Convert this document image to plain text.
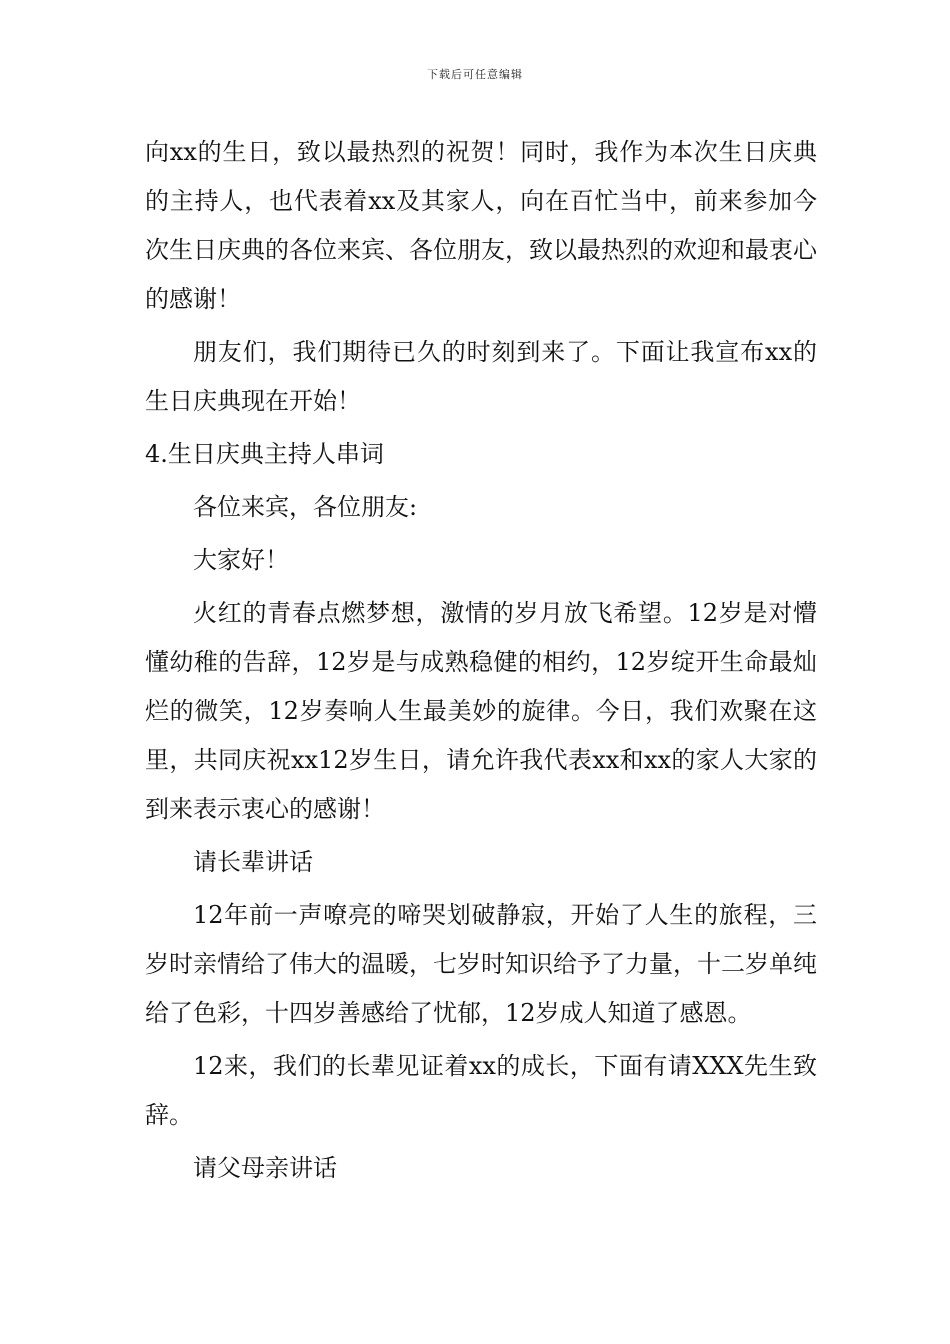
下载后可任意编辑

向xx的生日，致以最热烈的祝贺！同时，我作为本次生日庆典的主持人，也代表着xx及其家人，向在百忙当中，前来参加今次生日庆典的各位来宾、各位朋友，致以最热烈的欢迎和最衷心的感谢！

朋友们，我们期待已久的时刻到来了。下面让我宣布xx的生日庆典现在开始！

4.生日庆典主持人串词

各位来宾，各位朋友:

大家好！

火红的青春点燃梦想，激情的岁月放飞希望。12岁是对懵懂幼稚的告辞，12岁是与成熟稳健的相约，12岁绽开生命最灿烂的微笑，12岁奏响人生最美妙的旋律。今日，我们欢聚在这里，共同庆祝xx12岁生日，请允许我代表xx和xx的家人大家的到来表示衷心的感谢！

请长辈讲话

12年前一声嘹亮的啼哭划破静寂，开始了人生的旅程，三岁时亲情给了伟大的温暖，七岁时知识给予了力量，十二岁单纯给了色彩，十四岁善感给了忧郁，12岁成人知道了感恩。

12来，我们的长辈见证着xx的成长，下面有请XXX先生致辞。

请父母亲讲话
